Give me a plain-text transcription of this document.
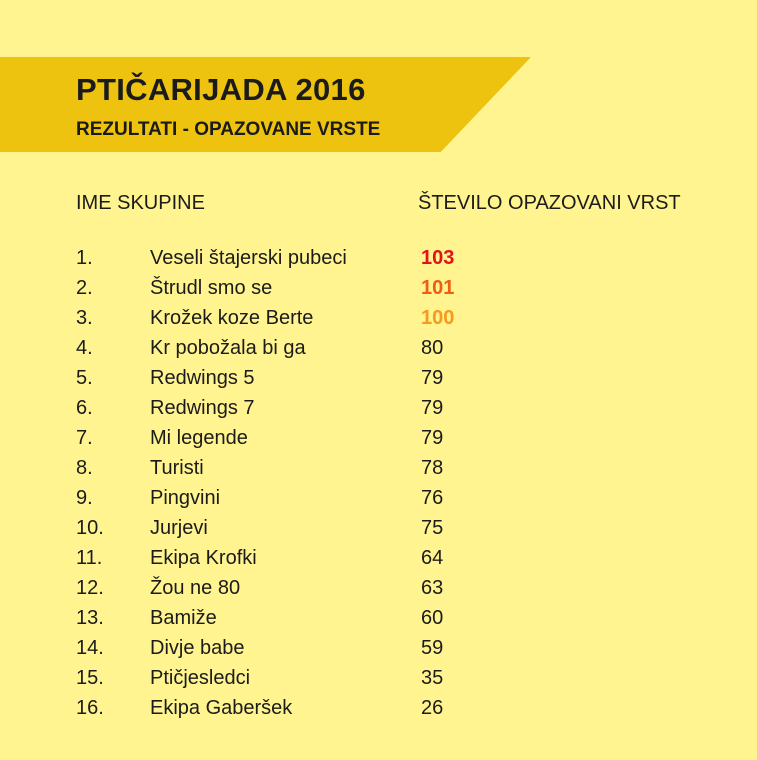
PTIČARIJADA 2016
REZULTATI - OPAZOVANE VRSTE
IME SKUPINE	ŠTEVILO OPAZOVANI VRST
1.	Veseli štajerski pubeci	103
2.	Štrudl smo se	101
3.	Krožek koze Berte	100
4.	Kr pobožala bi ga	80
5.	Redwings 5	79
6.	Redwings 7	79
7.	Mi legende	79
8.	Turisti	78
9.	Pingvini	76
10. Jurjevi	75
11. Ekipa Krofki	64
12. Žou ne 80	63
13. Bamiže	60
14. Divje babe	59
15. Ptičjesledci	35
16. Ekipa Gaberšek	26
